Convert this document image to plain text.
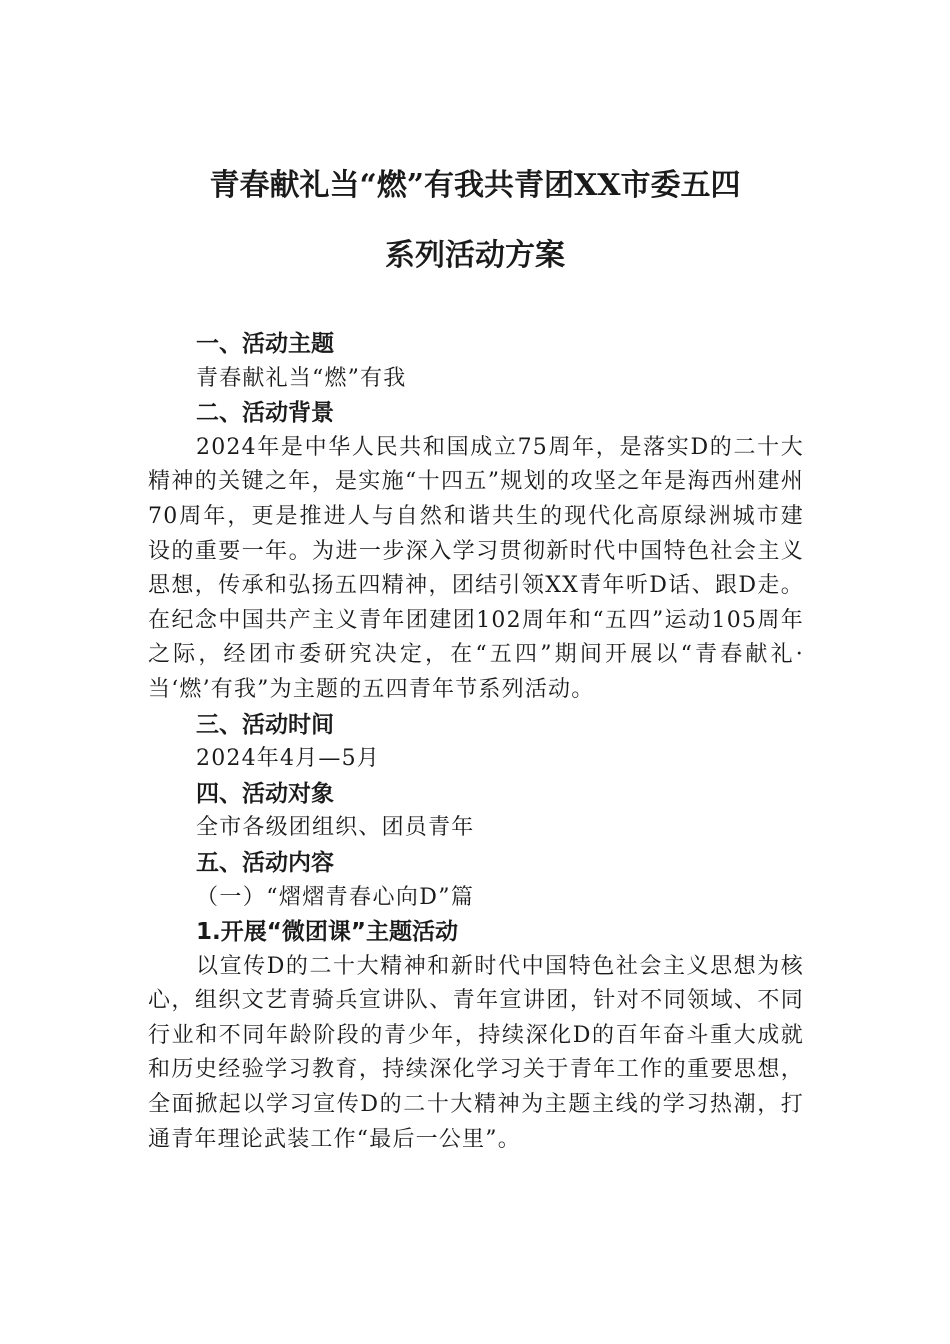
青春献礼当“燃”有我共青团XX市委五四
系列活动方案
一、活动主题
青春献礼当“燃”有我
二、活动背景
2024年是中华人民共和国成立75周年，是落实D的二十大精神的关键之年，是实施“十四五”规划的攻坚之年是海西州建州70周年，更是推进人与自然和谐共生的现代化高原绿洲城市建设的重要一年。为进一步深入学习贯彻新时代中国特色社会主义思想，传承和弘扬五四精神，团结引领XX青年听D话、跟D走。在纪念中国共产主义青年团建团102周年和“五四”运动105周年之际，经团市委研究决定，在“五四”期间开展以“青春献礼·当‘燃’有我”为主题的五四青年节系列活动。
三、活动时间
2024年4月—5月
四、活动对象
全市各级团组织、团员青年
五、活动内容
（一）“熠熠青春心向D”篇
1.开展“微团课”主题活动
以宣传D的二十大精神和新时代中国特色社会主义思想为核心，组织文艺青骑兵宣讲队、青年宣讲团，针对不同领域、不同行业和不同年龄阶段的青少年，持续深化D的百年奋斗重大成就和历史经验学习教育，持续深化学习关于青年工作的重要思想，全面掀起以学习宣传D的二十大精神为主题主线的学习热潮，打通青年理论武装工作“最后一公里”。
